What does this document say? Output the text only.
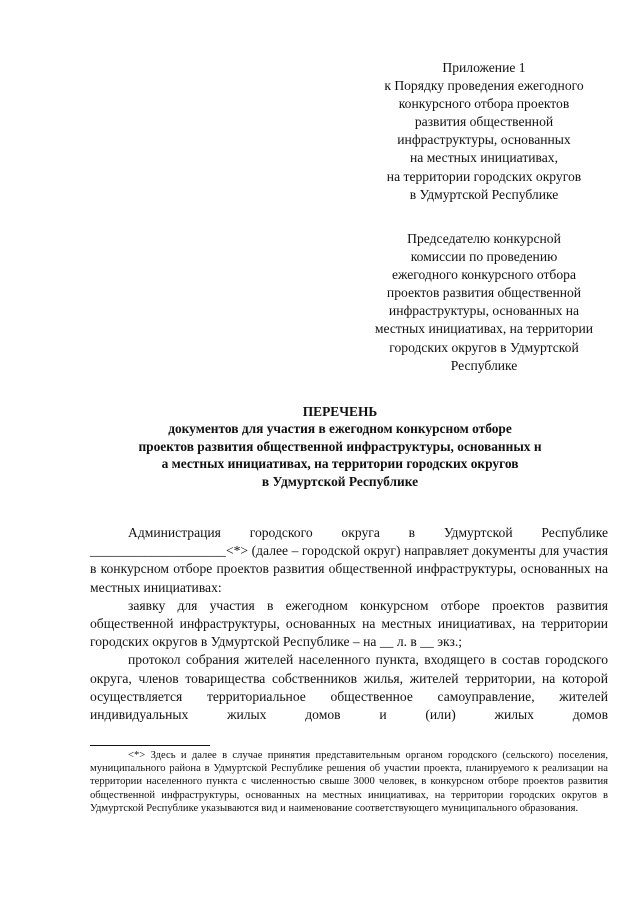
Приложение 1
к Порядку проведения ежегодного
конкурсного отбора проектов
развития общественной
инфраструктуры, основанных
на местных инициативах,
на территории городских округов
в Удмуртской Республике
Председателю конкурсной
комиссии по проведению
ежегодного конкурсного отбора
проектов развития общественной
инфраструктуры, основанных на
местных инициативах, на территории
городских округов в Удмуртской
Республике
ПЕРЕЧЕНЬ
документов для участия в ежегодном конкурсном отборе
проектов развития общественной инфраструктуры, основанных н
а местных инициативах, на территории городских округов
в Удмуртской Республике

Администрация городского округа в Удмуртской Республике ____________________<*> (далее – городской округ) направляет документы для участия в конкурсном отборе проектов развития общественной инфраструктуры, основанных на местных инициативах:

заявку для участия в ежегодном конкурсном отборе проектов развития общественной инфраструктуры, основанных на местных инициативах, на территории городских округов в Удмуртской Республике – на __ л. в __ экз.;

протокол собрания жителей населенного пункта, входящего в состав городского округа, членов товарищества собственников жилья, жителей территории, на которой осуществляется территориальное общественное самоуправление, жителей индивидуальных жилых домов и (или) жилых домов

<*> Здесь и далее в случае принятия представительным органом городского (сельского) поселения, муниципального района в Удмуртской Республике решения об участии проекта, планируемого к реализации на территории населенного пункта с численностью свыше 3000 человек, в конкурсном отборе проектов развития общественной инфраструктуры, основанных на местных инициативах, на территории городских округов в Удмуртской Республике указываются вид и наименование соответствующего муниципального образования.
